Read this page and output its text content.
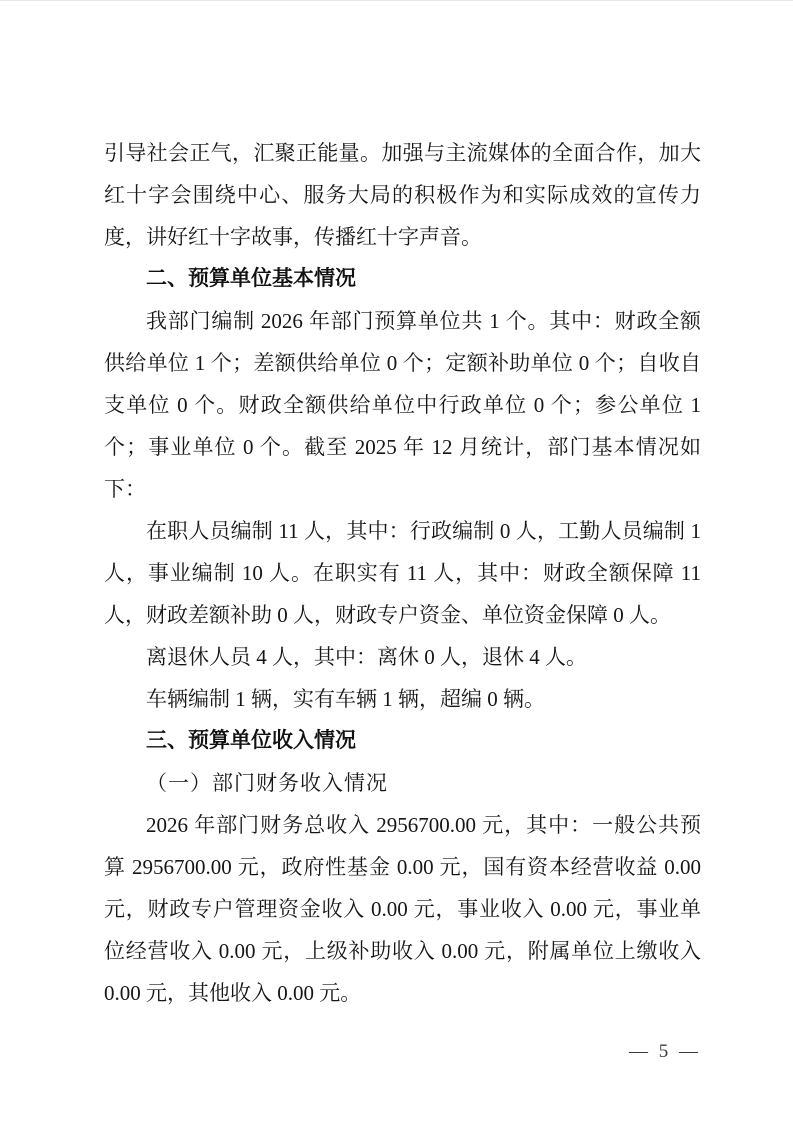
引导社会正气，汇聚正能量。加强与主流媒体的全面合作，加大红十字会围绕中心、服务大局的积极作为和实际成效的宣传力度，讲好红十字故事，传播红十字声音。

二、预算单位基本情况

我部门编制 2026 年部门预算单位共 1 个。其中：财政全额供给单位 1 个；差额供给单位 0 个；定额补助单位 0 个；自收自支单位 0 个。财政全额供给单位中行政单位 0 个；参公单位 1 个；事业单位 0 个。截至 2025 年 12 月统计，部门基本情况如下：

在职人员编制 11 人，其中：行政编制 0 人，工勤人员编制 1 人，事业编制 10 人。在职实有 11 人，其中：财政全额保障 11 人，财政差额补助 0 人，财政专户资金、单位资金保障 0 人。

离退休人员 4 人，其中：离休 0 人，退休 4 人。

车辆编制 1 辆，实有车辆 1 辆，超编 0 辆。

三、预算单位收入情况

（一）部门财务收入情况

2026 年部门财务总收入 2956700.00 元，其中：一般公共预算 2956700.00 元，政府性基金 0.00 元，国有资本经营收益 0.00 元，财政专户管理资金收入 0.00 元，事业收入 0.00 元，事业单位经营收入 0.00 元，上级补助收入 0.00 元，附属单位上缴收入 0.00 元，其他收入 0.00 元。

— 5 —
